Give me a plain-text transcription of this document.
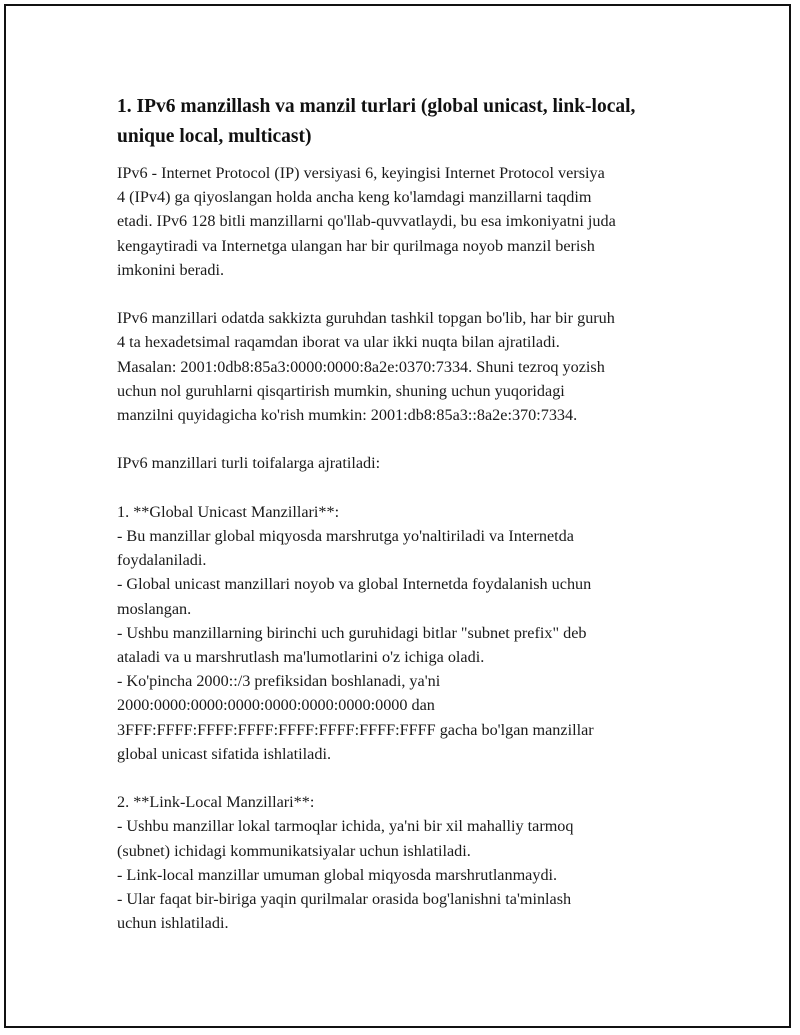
1. IPv6 manzillash va manzil turlari (global unicast, link-local, unique local, multicast)

IPv6 - Internet Protocol (IP) versiyasi 6, keyingisi Internet Protocol versiya
4 (IPv4) ga qiyoslangan holda ancha keng ko'lamdagi manzillarni taqdim
etadi. IPv6 128 bitli manzillarni qo'llab-quvvatlaydi, bu esa imkoniyatni juda
kengaytiradi va Internetga ulangan har bir qurilmaga noyob manzil berish
imkonini beradi.

IPv6 manzillari odatda sakkizta guruhdan tashkil topgan bo'lib, har bir guruh
4 ta hexadetsimal raqamdan iborat va ular ikki nuqta bilan ajratiladi.
Masalan: 2001:0db8:85a3:0000:0000:8a2e:0370:7334. Shuni tezroq yozish
uchun nol guruhlarni qisqartirish mumkin, shuning uchun yuqoridagi
manzilni quyidagicha ko'rish mumkin: 2001:db8:85a3::8a2e:370:7334.

IPv6 manzillari turli toifalarga ajratiladi:

1. **Global Unicast Manzillari**:
- Bu manzillar global miqyosda marshrutga yo'naltiriladi va Internetda
foydalaniladi.
- Global unicast manzillari noyob va global Internetda foydalanish uchun
moslangan.
- Ushbu manzillarning birinchi uch guruhidagi bitlar "subnet prefix" deb
ataladi va u marshrutlash ma'lumotlarini o'z ichiga oladi.
- Ko'pincha 2000::/3 prefiksidan boshlanadi, ya'ni
2000:0000:0000:0000:0000:0000:0000:0000 dan
3FFF:FFFF:FFFF:FFFF:FFFF:FFFF:FFFF:FFFF gacha bo'lgan manzillar
global unicast sifatida ishlatiladi.

2. **Link-Local Manzillari**:
- Ushbu manzillar lokal tarmoqlar ichida, ya'ni bir xil mahalliy tarmoq
(subnet) ichidagi kommunikatsiyalar uchun ishlatiladi.
- Link-local manzillar umuman global miqyosda marshrutlanmaydi.
- Ular faqat bir-biriga yaqin qurilmalar orasida bog'lanishni ta'minlash
uchun ishlatiladi.
